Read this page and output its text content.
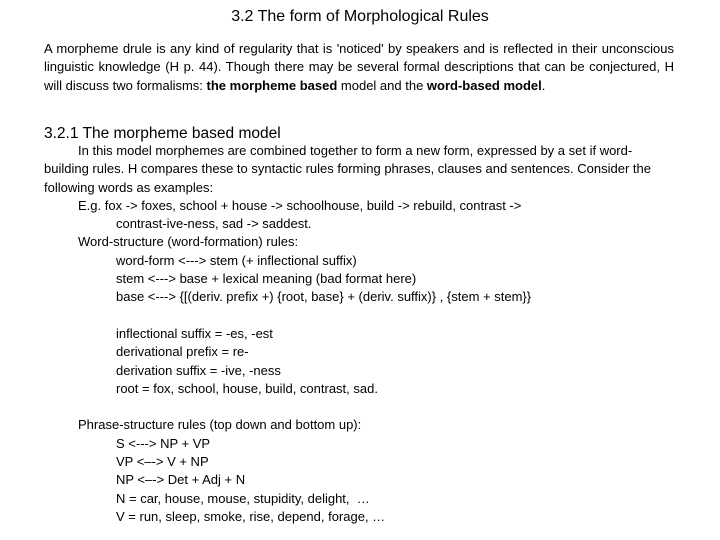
3.2 The form of Morphological Rules

A morpheme drule is any kind of regularity that is 'noticed' by speakers and is reflected in their unconscious linguistic knowledge (H p. 44). Though there may be several formal descriptions that can be conjectured, H will discuss two formalisms: the morpheme based model and the word-based model.

3.2.1 The morpheme based model

In this model morphemes are combined together to form a new form, expressed by a set if word-building rules. H compares these to syntactic rules forming phrases, clauses and sentences. Consider the following words as examples:

E.g. fox -> foxes, school + house -> schoolhouse, build -> rebuild, contrast ->
contrast-ive-ness, sad -> saddest.
Word-structure (word-formation) rules:
word-form <---> stem (+ inflectional suffix)
stem <---> base + lexical meaning (bad format here)
base <---> {[(deriv. prefix +) {root, base} + (deriv. suffix)} , {stem + stem}}
inflectional suffix = -es, -est
derivational prefix = re-
derivation suffix = -ive, -ness
root = fox, school, house, build, contrast, sad.
Phrase-structure rules (top down and bottom up):
S <---> NP + VP
VP <–-> V + NP
NP <–-> Det + Adj + N
N = car, house, mouse, stupidity, delight,  …
V = run, sleep, smoke, rise, depend, forage, …
